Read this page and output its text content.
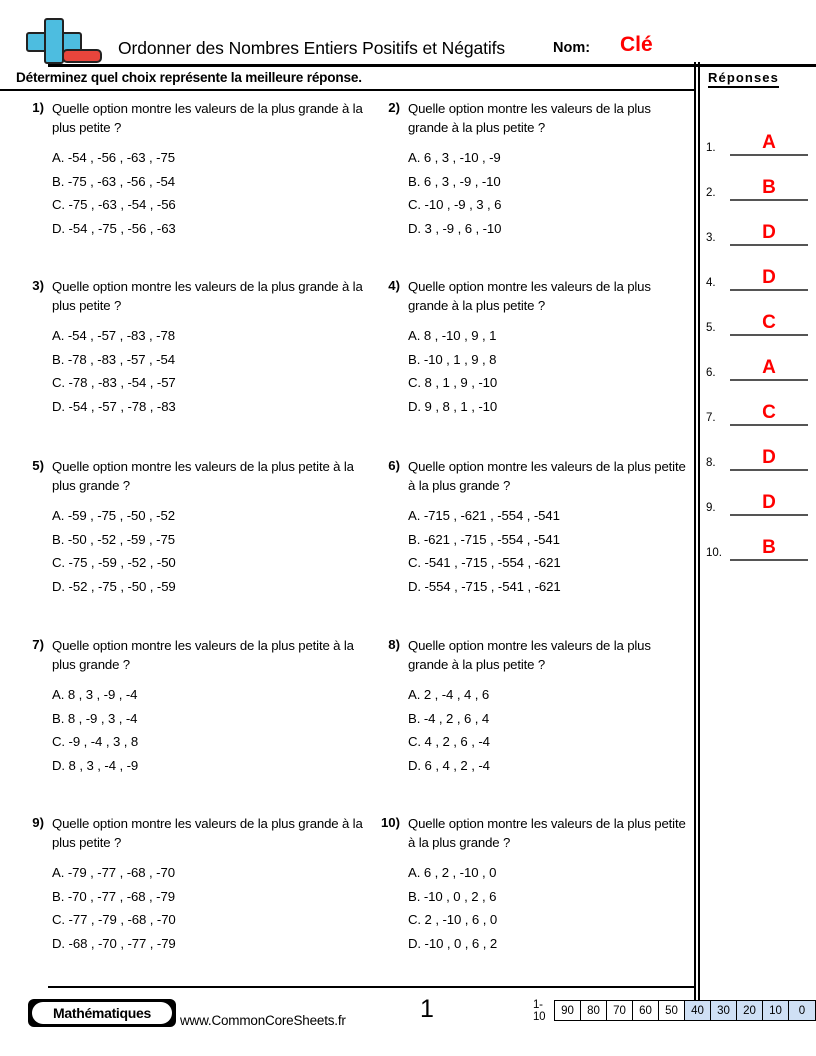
Ordonner des Nombres Entiers Positifs et Négatifs	Nom: Clé
Déterminez quel choix représente la meilleure réponse.	Réponses
1.	A
2.	B
3.	D
4.	D
5.	C
6.	A
7.	C
8.	D
9.	D
10.	B
1) Quelle option montre les valeurs de la plus grande à la plus petite ?
A. -54 , -56 , -63 , -75
B. -75 , -63 , -56 , -54
C. -75 , -63 , -54 , -56
D. -54 , -75 , -56 , -63
3) Quelle option montre les valeurs de la plus grande à la plus petite ?
A. -54 , -57 , -83 , -78
B. -78 , -83 , -57 , -54
C. -78 , -83 , -54 , -57
D. -54 , -57 , -78 , -83
5) Quelle option montre les valeurs de la plus petite à la plus grande ?
A. -59 , -75 , -50 , -52
B. -50 , -52 , -59 , -75
C. -75 , -59 , -52 , -50
D. -52 , -75 , -50 , -59
7) Quelle option montre les valeurs de la plus petite à la plus grande ?
A. 8 , 3 , -9 , -4
B. 8 , -9 , 3 , -4
C. -9 , -4 , 3 , 8
D. 8 , 3 , -4 , -9
9) Quelle option montre les valeurs de la plus grande à la plus petite ?
A. -79 , -77 , -68 , -70
B. -70 , -77 , -68 , -79
C. -77 , -79 , -68 , -70
D. -68 , -70 , -77 , -79
2) Quelle option montre les valeurs de la plus grande à la plus petite ?
A. 6 , 3 , -10 , -9
B. 6 , 3 , -9 , -10
C. -10 , -9 , 3 , 6
D. 3 , -9 , 6 , -10
4) Quelle option montre les valeurs de la plus grande à la plus petite ?
A. 8 , -10 , 9 , 1
B. -10 , 1 , 9 , 8
C. 8 , 1 , 9 , -10
D. 9 , 8 , 1 , -10
6) Quelle option montre les valeurs de la plus petite à la plus grande ?
A. -715 , -621 , -554 , -541
B. -621 , -715 , -554 , -541
C. -541 , -715 , -554 , -621
D. -554 , -715 , -541 , -621
8) Quelle option montre les valeurs de la plus grande à la plus petite ?
A. 2 , -4 , 4 , 6
B. -4 , 2 , 6 , 4
C. 4 , 2 , 6 , -4
D. 6 , 4 , 2 , -4
10) Quelle option montre les valeurs de la plus petite à la plus grande ?
A. 6 , 2 , -10 , 0
B. -10 , 0 , 2 , 6
C. 2 , -10 , 6 , 0
D. -10 , 0 , 6 , 2
Mathématiques	www.CommonCoreSheets.fr	1	1-10	90	80	70	60	50	40	30	20	10	0
